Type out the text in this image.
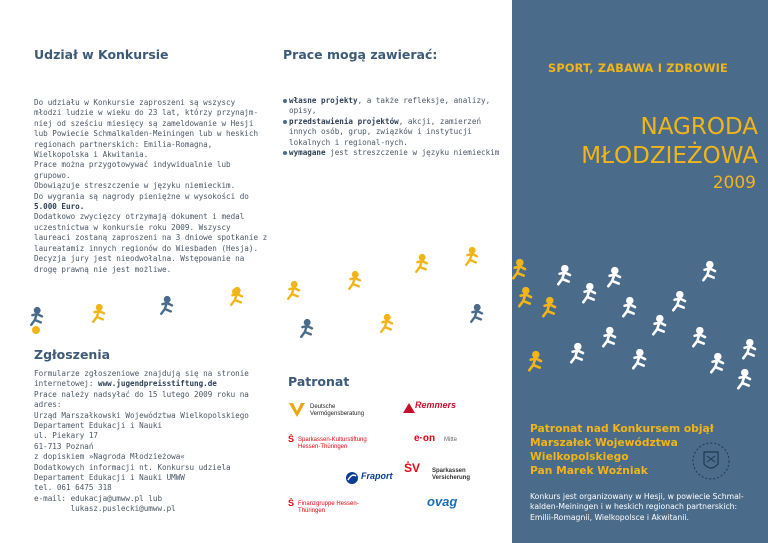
Udział w Konkursie

Do udziału w Konkursie zaproszeni są wszyscy

młodzi ludzie w wieku do 23 lat, którzy przynajm-

niej od sześciu miesięcy są zameldowanie w Hesji

lub Powiecie Schmalkalden-Meiningen lub w heskich

regionach partnerskich: Emilia-Romagna,

Wielkopolska i Akwitania.

Prace można przygotowywać indywidualnie lub

grupowo.

Obowiązuje streszczenie w języku niemieckim.

Do wygrania są nagrody pieniężne w wysokości do

5.000 Euro.

Dodatkowo zwycięzcy otrzymają dokument i medal

uczestnictwa w konkursie roku 2009. Wszyscy

laureaci zostaną zaproszeni na 3 dniowe spotkanie z

laureatamiz innych regionów do Wiesbaden (Hesja).

Decyzja jury jest nieodwołalna. Wstępowanie na

drogę prawną nie jest możliwe.

Zgłoszenia

Formularze zgłoszeniowe znajdują się na stronie

internetowej: www.jugendpreisstiftung.de

Prace należy nadsyłać do 15 lutego 2009 roku na

adres:

Urząd Marszałkowski Województwa Wielkopolskiego

Departament Edukacji i Nauki

ul. Piekary 17

61-713 Poznań

z dopiskiem »Nagroda Młodzieżowa«

Dodatkowych informacji nt. Konkursu udziela

Departament Edukacji i Nauki UMWW

tel. 061 6475 318

e-mail: edukacja@umww.pl lub

lukasz.puslecki@umww.pl

Prace mogą zawierać:
własne projekty, a także refleksje, analizy, opisy,
przedstawienia projektów, akcji, zamierzeń innych osób, grup, związków i instytucji lokalnych i regional-nych.
wymagane jest streszczenie w języku niemieckim
Patronat
Deutsche Vermögensberatung
Remmers
Ṡ Sparkassen-Kulturstiftung Hessen-Thüringen
e·on Mitte
Fraport
ṠV Sparkassen Versicherung
Ṡ Finanzgruppe Hessen-Thüringen
ovag
SPORT, ZABAWA I ZDROWIE
NAGRODA
MŁODZIEŻOWA
2009
Patronat nad Konkursem objął
Marszałek Województwa
Wielkopolskiego
Pan Marek Woźniak
Konkurs jest organizowany w Hesji, w powiecie Schmal-
kalden-Meiningen i w heskich regionach partnerskich:
Emilii-Romagnii, Wielkopolsce i Akwitanii.
